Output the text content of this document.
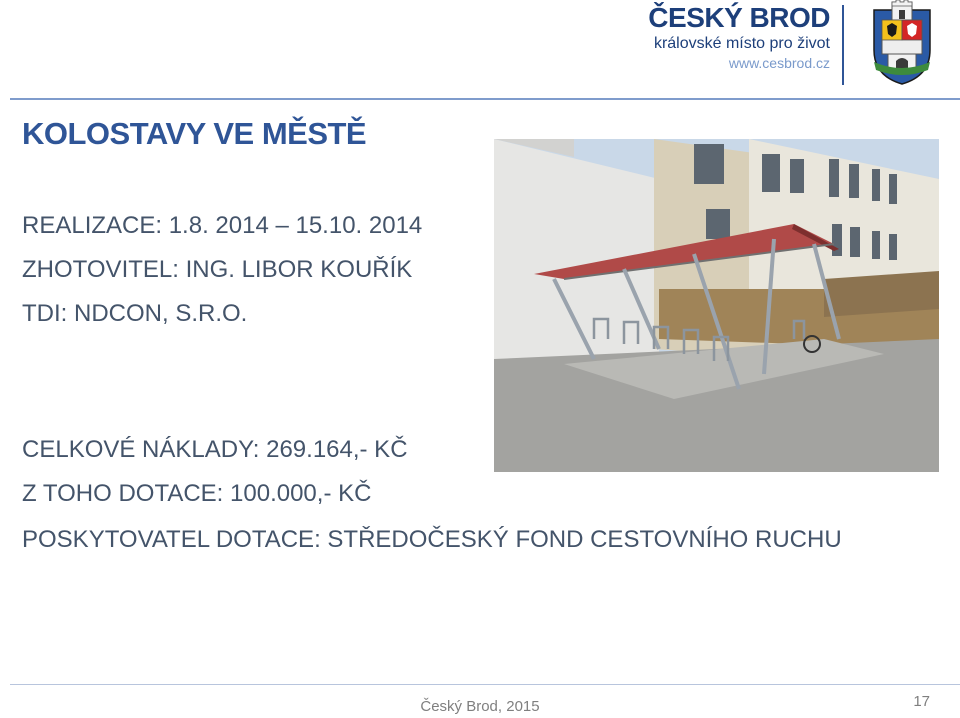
ČESKÝ BROD
královské místo pro život
www.cesbrod.cz
KOLOSTAVY VE MĚSTĚ
REALIZACE: 1.8. 2014 – 15.10. 2014
ZHOTOVITEL: ING. LIBOR KOUŘÍK
TDI: NDCON, S.R.O.
CELKOVÉ NÁKLADY: 269.164,- KČ
Z TOHO DOTACE: 100.000,- KČ
POSKYTOVATEL DOTACE: STŘEDOČESKÝ FOND CESTOVNÍHO RUCHU
Český Brod, 2015	17
